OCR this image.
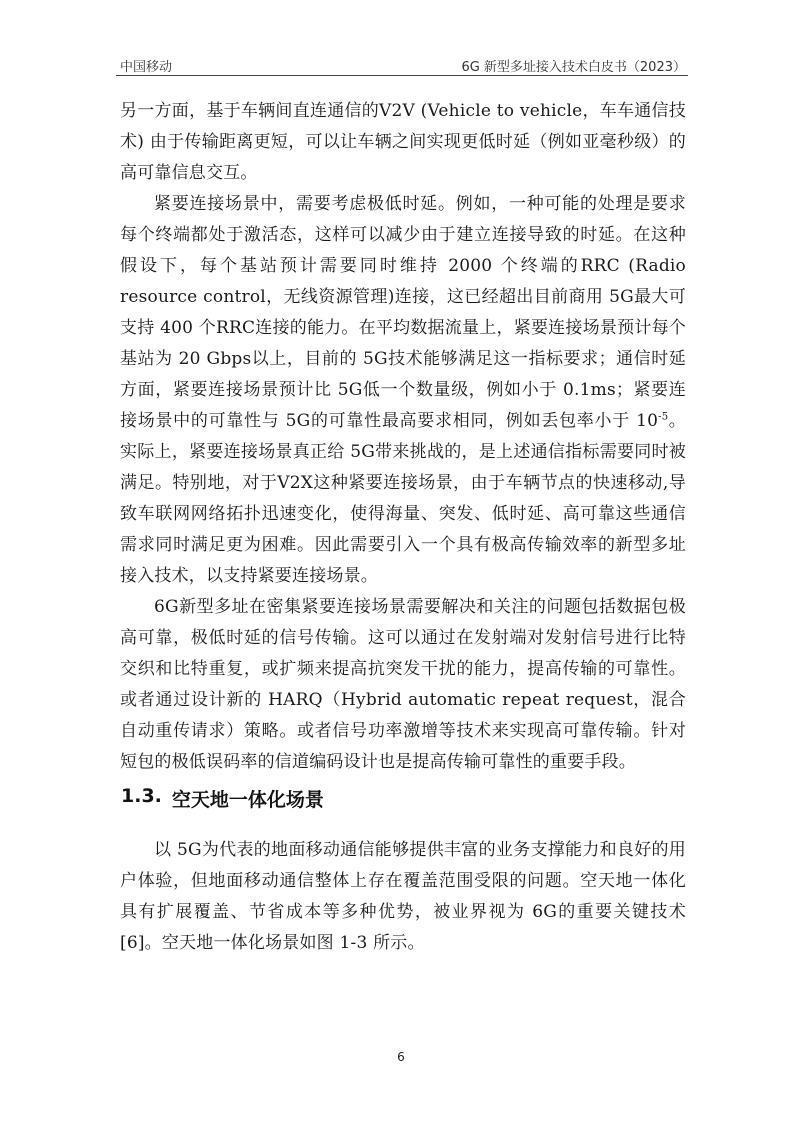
中国移动	6G 新型多址接入技术白皮书（2023）

另一方面，基于车辆间直连通信的V2V (Vehicle to vehicle，车车通信技术) 由于传输距离更短，可以让车辆之间实现更低时延（例如亚毫秒级）的高可靠信息交互。

紧要连接场景中，需要考虑极低时延。例如，一种可能的处理是要求每个终端都处于激活态，这样可以减少由于建立连接导致的时延。在这种假设下，每个基站预计需要同时维持 2000 个终端的RRC (Radio resource control，无线资源管理)连接，这已经超出目前商用 5G最大可支持 400 个RRC连接的能力。在平均数据流量上，紧要连接场景预计每个基站为 20 Gbps以上，目前的 5G技术能够满足这一指标要求；通信时延方面，紧要连接场景预计比 5G低一个数量级，例如小于 0.1ms；紧要连接场景中的可靠性与 5G的可靠性最高要求相同，例如丢包率小于 $10^{-5}$。实际上，紧要连接场景真正给 5G带来挑战的，是上述通信指标需要同时被满足。特别地，对于V2X这种紧要连接场景，由于车辆节点的快速移动,导致车联网网络拓扑迅速变化，使得海量、突发、低时延、高可靠这些通信需求同时满足更为困难。因此需要引入一个具有极高传输效率的新型多址接入技术，以支持紧要连接场景。

6G新型多址在密集紧要连接场景需要解决和关注的问题包括数据包极高可靠，极低时延的信号传输。这可以通过在发射端对发射信号进行比特交织和比特重复，或扩频来提高抗突发干扰的能力，提高传输的可靠性。或者通过设计新的 HARQ（Hybrid automatic repeat request，混合自动重传请求）策略。或者信号功率激增等技术来实现高可靠传输。针对短包的极低误码率的信道编码设计也是提高传输可靠性的重要手段。

1.3. 空天地一体化场景

以 5G为代表的地面移动通信能够提供丰富的业务支撑能力和良好的用户体验，但地面移动通信整体上存在覆盖范围受限的问题。空天地一体化具有扩展覆盖、节省成本等多种优势，被业界视为 6G的重要关键技术[6]。空天地一体化场景如图 1-3 所示。

6
